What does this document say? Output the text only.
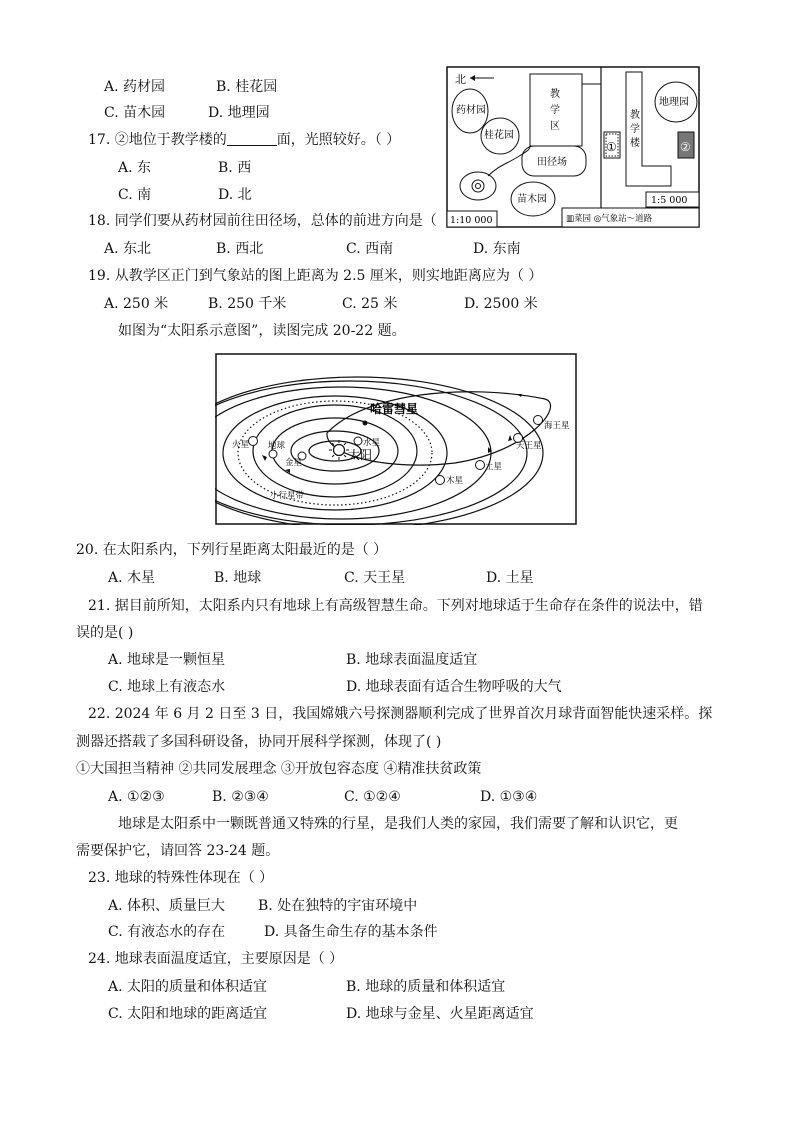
A. 药材园	B. 桂花园
C. 苗木园	D. 地理园
17. ②地位于教学楼的	面，光照较好。（ ）
A. 东	B. 西
C. 南	D. 北
18. 同学们要从药材园前往田径场，总体的前进方向是（
A. 东北	B. 西北	C. 西南	D. 东南
19. 从教学区正门到气象站的图上距离为 2.5 厘米，则实地距离应为（ ）
A. 250 米	B. 250 千米	C. 25 米	D. 2500 米
如图为“太阳系示意图”，读图完成 20-22 题。
北
药材园
桂花园
教
学
区
田径场
苗木园
1:10 000
教
学
楼
地理园
①	②
1:5 000
▥菜园 ◎气象站～道路
太阳
哈雷彗星
水星
金星
地球
火星
木星
土星
天王星
海王星
小行星带
20. 在太阳系内，下列行星距离太阳最近的是（ ）
A. 木星	B. 地球	C. 天王星	D. 土星
21. 据目前所知，太阳系内只有地球上有高级智慧生命。下列对地球适于生命存在条件的说法中，错
误的是( )
A. 地球是一颗恒星	B. 地球表面温度适宜
C. 地球上有液态水	D. 地球表面有适合生物呼吸的大气
22. 2024 年 6 月 2 日至 3 日，我国嫦娥六号探测器顺利完成了世界首次月球背面智能快速采样。探
测器还搭载了多国科研设备，协同开展科学探测，体现了( )
①大国担当精神 ②共同发展理念 ③开放包容态度 ④精准扶贫政策
A. ①②③	B. ②③④	C. ①②④	D. ①③④
地球是太阳系中一颗既普通又特殊的行星，是我们人类的家园，我们需要了解和认识它，更
需要保护它，请回答 23-24 题。
23. 地球的特殊性体现在（ ）
A. 体积、质量巨大 B. 处在独特的宇宙环境中
C. 有液态水的存在	D. 具备生命生存的基本条件
24. 地球表面温度适宜，主要原因是（ ）
A. 太阳的质量和体积适宜	B. 地球的质量和体积适宜
C. 太阳和地球的距离适宜	D. 地球与金星、火星距离适宜
